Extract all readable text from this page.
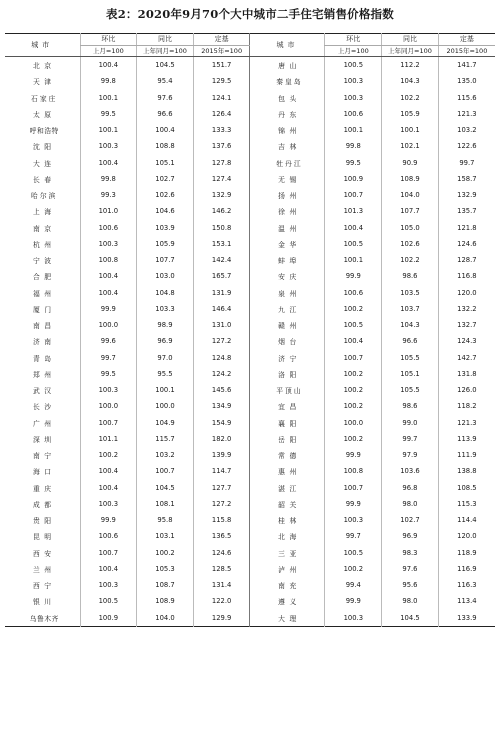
表2：2020年9月70个大中城市二手住宅销售价格指数
城市	环比	同比	定基	城市	环比	同比	定基
	上月=100	上年同月=100	2015年=100		上月=100	上年同月=100	2015年=100
北京	100.4	104.5	151.7	唐山	100.5	112.2	141.7
天津	99.8	95.4	129.5	秦皇岛	100.3	104.3	135.0
石家庄	100.1	97.6	124.1	包头	100.3	102.2	115.6
太原	99.5	96.6	126.4	丹东	100.6	105.9	121.3
呼和浩特	100.1	100.4	133.3	锦州	100.1	100.1	103.2
沈阳	100.3	108.8	137.6	吉林	99.8	102.1	122.6
大连	100.4	105.1	127.8	牡丹江	99.5	90.9	99.7
长春	99.8	102.7	127.4	无锡	100.9	108.9	158.7
哈尔滨	99.3	102.6	132.9	扬州	100.7	104.0	132.9
上海	101.0	104.6	146.2	徐州	101.3	107.7	135.7
南京	100.6	103.9	150.8	温州	100.4	105.0	121.8
杭州	100.3	105.9	153.1	金华	100.5	102.6	124.6
宁波	100.8	107.7	142.4	蚌埠	100.1	102.2	128.7
合肥	100.4	103.0	165.7	安庆	99.9	98.6	116.8
福州	100.4	104.8	131.9	泉州	100.6	103.5	120.0
厦门	99.9	103.3	146.4	九江	100.2	103.7	132.2
南昌	100.0	98.9	131.0	赣州	100.5	104.3	132.7
济南	99.6	96.9	127.2	烟台	100.4	96.6	124.3
青岛	99.7	97.0	124.8	济宁	100.7	105.5	142.7
郑州	99.5	95.5	124.2	洛阳	100.2	105.1	131.8
武汉	100.3	100.1	145.6	平顶山	100.2	105.5	126.0
长沙	100.0	100.0	134.9	宜昌	100.2	98.6	118.2
广州	100.7	104.9	154.9	襄阳	100.0	99.0	121.3
深圳	101.1	115.7	182.0	岳阳	100.2	99.7	113.9
南宁	100.2	103.2	139.9	常德	99.9	97.9	111.9
海口	100.4	100.7	114.7	惠州	100.8	103.6	138.8
重庆	100.4	104.5	127.7	湛江	100.7	96.8	108.5
成都	100.3	108.1	127.2	韶关	99.9	98.0	115.3
贵阳	99.9	95.8	115.8	桂林	100.3	102.7	114.4
昆明	100.6	103.1	136.5	北海	99.7	96.9	120.0
西安	100.7	100.2	124.6	三亚	100.5	98.3	118.9
兰州	100.4	105.3	128.5	泸州	100.2	97.6	116.9
西宁	100.3	108.7	131.4	南充	99.4	95.6	116.3
银川	100.5	108.9	122.0	遵义	99.9	98.0	113.4
乌鲁木齐	100.9	104.0	129.9	大理	100.3	104.5	133.9
